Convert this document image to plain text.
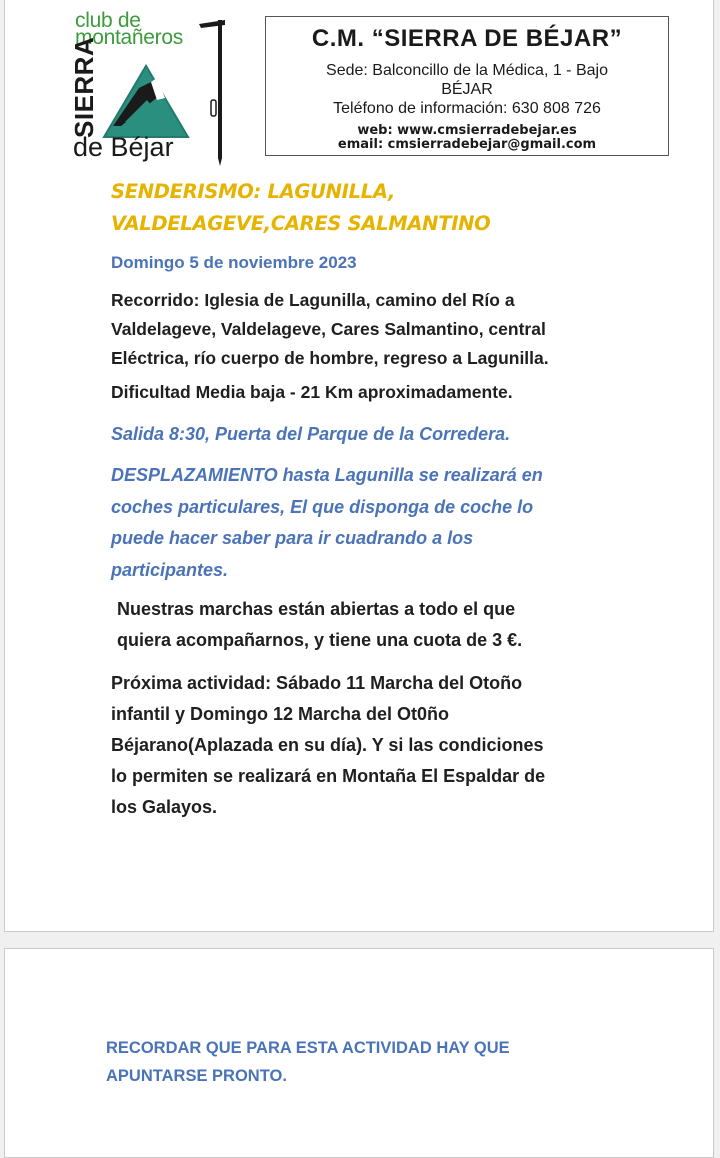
club de
montañeros
SIERRA
de Béjar
C.M. “SIERRA DE BÉJAR”
Sede: Balconcillo de la Médica, 1 - Bajo
BÉJAR
Teléfono de información: 630 808 726
web: www.cmsierradebejar.es
email: cmsierradebejar@gmail.com
SENDERISMO: LAGUNILLA,
VALDELAGEVE,CARES SALMANTINO
Domingo 5 de noviembre 2023
Recorrido: Iglesia de Lagunilla, camino del Río a
Valdelageve, Valdelageve, Cares Salmantino, central
Eléctrica, río cuerpo de hombre, regreso a Lagunilla.
Dificultad Media baja - 21 Km aproximadamente.
Salida 8:30, Puerta del Parque de la Corredera.
DESPLAZAMIENTO hasta Lagunilla se realizará en
coches particulares, El que disponga de coche lo
puede hacer saber para ir cuadrando a los
participantes.
Nuestras marchas están abiertas a todo el que
quiera acompañarnos, y tiene una cuota de 3 €.
Próxima actividad: Sábado 11 Marcha del Otoño
infantil y Domingo 12 Marcha del Ot0ño
Béjarano(Aplazada en su día). Y si las condiciones
lo permiten se realizará en Montaña El Espaldar de
los Galayos.
RECORDAR QUE PARA ESTA ACTIVIDAD HAY QUE
APUNTARSE PRONTO.
